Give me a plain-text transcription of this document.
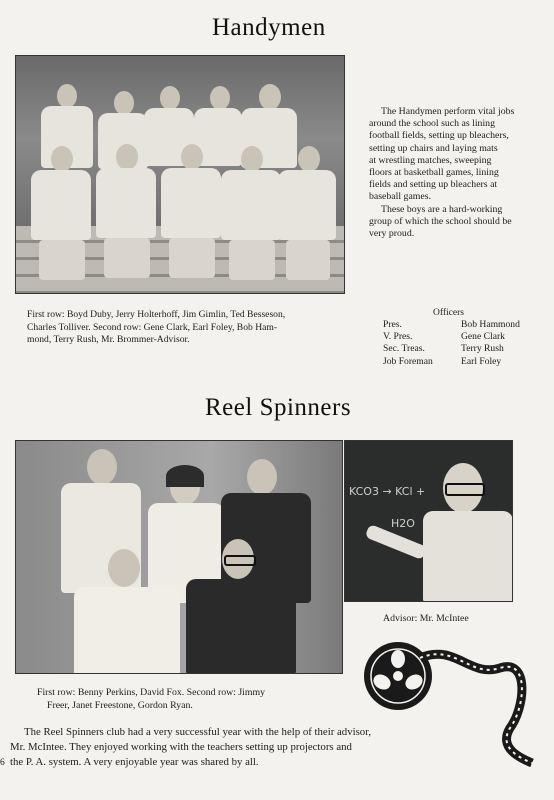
Handymen
The Handymen perform vital jobs
around the school such as lining
football fields, setting up bleachers,
setting up chairs and laying mats
at wrestling matches, sweeping
floors at basketball games, lining
fields and setting up bleachers at
baseball games.
These boys are a hard-working
group of which the school should be
very proud.
First row: Boyd Duby, Jerry Holterhoff, Jim Gimlin, Ted Besseson,
Charles Tolliver. Second row: Gene Clark, Earl Foley, Bob Ham-
mond, Terry Rush, Mr. Brommer-Advisor.
Officers
Pres.	Bob Hammond
V. Pres.	Gene Clark
Sec. Treas.	Terry Rush
Job Foreman	Earl Foley
Reel Spinners
KCO3 → KCl +
H2O
Advisor: Mr. McIntee
First row: Benny Perkins, David Fox. Second row: Jimmy
Freer, Janet Freestone, Gordon Ryan.
The Reel Spinners club had a very successful year with the help of their advisor,
Mr. McIntee. They enjoyed working with the teachers setting up projectors and
the P. A. system. A very enjoyable year was shared by all.
6
